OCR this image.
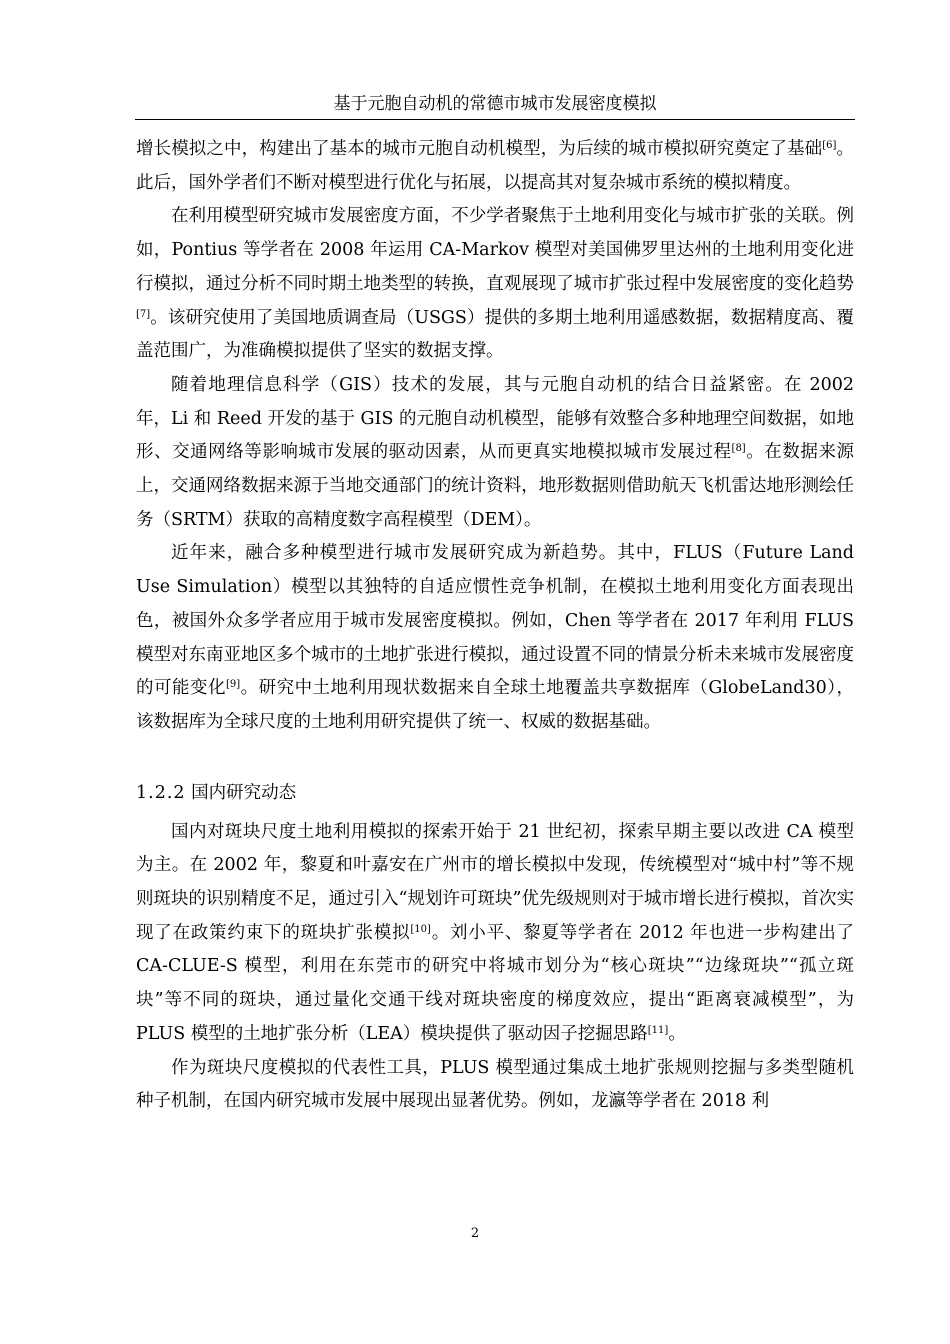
基于元胞自动机的常德市城市发展密度模拟

增长模拟之中，构建出了基本的城市元胞自动机模型，为后续的城市模拟研究奠定了基础[6]。此后，国外学者们不断对模型进行优化与拓展，以提高其对复杂城市系统的模拟精度。

在利用模型研究城市发展密度方面，不少学者聚焦于土地利用变化与城市扩张的关联。例如，Pontius 等学者在 2008 年运用 CA-Markov 模型对美国佛罗里达州的土地利用变化进行模拟，通过分析不同时期土地类型的转换，直观展现了城市扩张过程中发展密度的变化趋势[7]。该研究使用了美国地质调查局（USGS）提供的多期土地利用遥感数据，数据精度高、覆盖范围广，为准确模拟提供了坚实的数据支撑。

随着地理信息科学（GIS）技术的发展，其与元胞自动机的结合日益紧密。在 2002 年，Li 和 Reed 开发的基于 GIS 的元胞自动机模型，能够有效整合多种地理空间数据，如地形、交通网络等影响城市发展的驱动因素，从而更真实地模拟城市发展过程[8]。在数据来源上，交通网络数据来源于当地交通部门的统计资料，地形数据则借助航天飞机雷达地形测绘任务（SRTM）获取的高精度数字高程模型（DEM）。

近年来，融合多种模型进行城市发展研究成为新趋势。其中，FLUS（Future Land Use Simulation）模型以其独特的自适应惯性竞争机制，在模拟土地利用变化方面表现出色，被国外众多学者应用于城市发展密度模拟。例如，Chen 等学者在 2017 年利用 FLUS 模型对东南亚地区多个城市的土地扩张进行模拟，通过设置不同的情景分析未来城市发展密度的可能变化[9]。研究中土地利用现状数据来自全球土地覆盖共享数据库（GlobeLand30），该数据库为全球尺度的土地利用研究提供了统一、权威的数据基础。

1.2.2 国内研究动态

国内对斑块尺度土地利用模拟的探索开始于 21 世纪初，探索早期主要以改进 CA 模型为主。在 2002 年，黎夏和叶嘉安在广州市的增长模拟中发现，传统模型对“城中村”等不规则斑块的识别精度不足，通过引入“规划许可斑块”优先级规则对于城市增长进行模拟，首次实现了在政策约束下的斑块扩张模拟[10]。刘小平、黎夏等学者在 2012 年也进一步构建出了 CA-CLUE-S 模型，利用在东莞市的研究中将城市划分为“核心斑块”“边缘斑块”“孤立斑块”等不同的斑块，通过量化交通干线对斑块密度的梯度效应，提出“距离衰减模型”，为 PLUS 模型的土地扩张分析（LEA）模块提供了驱动因子挖掘思路[11]。

作为斑块尺度模拟的代表性工具，PLUS 模型通过集成土地扩张规则挖掘与多类型随机种子机制，在国内研究城市发展中展现出显著优势。例如，龙瀛等学者在 2018 利

2
